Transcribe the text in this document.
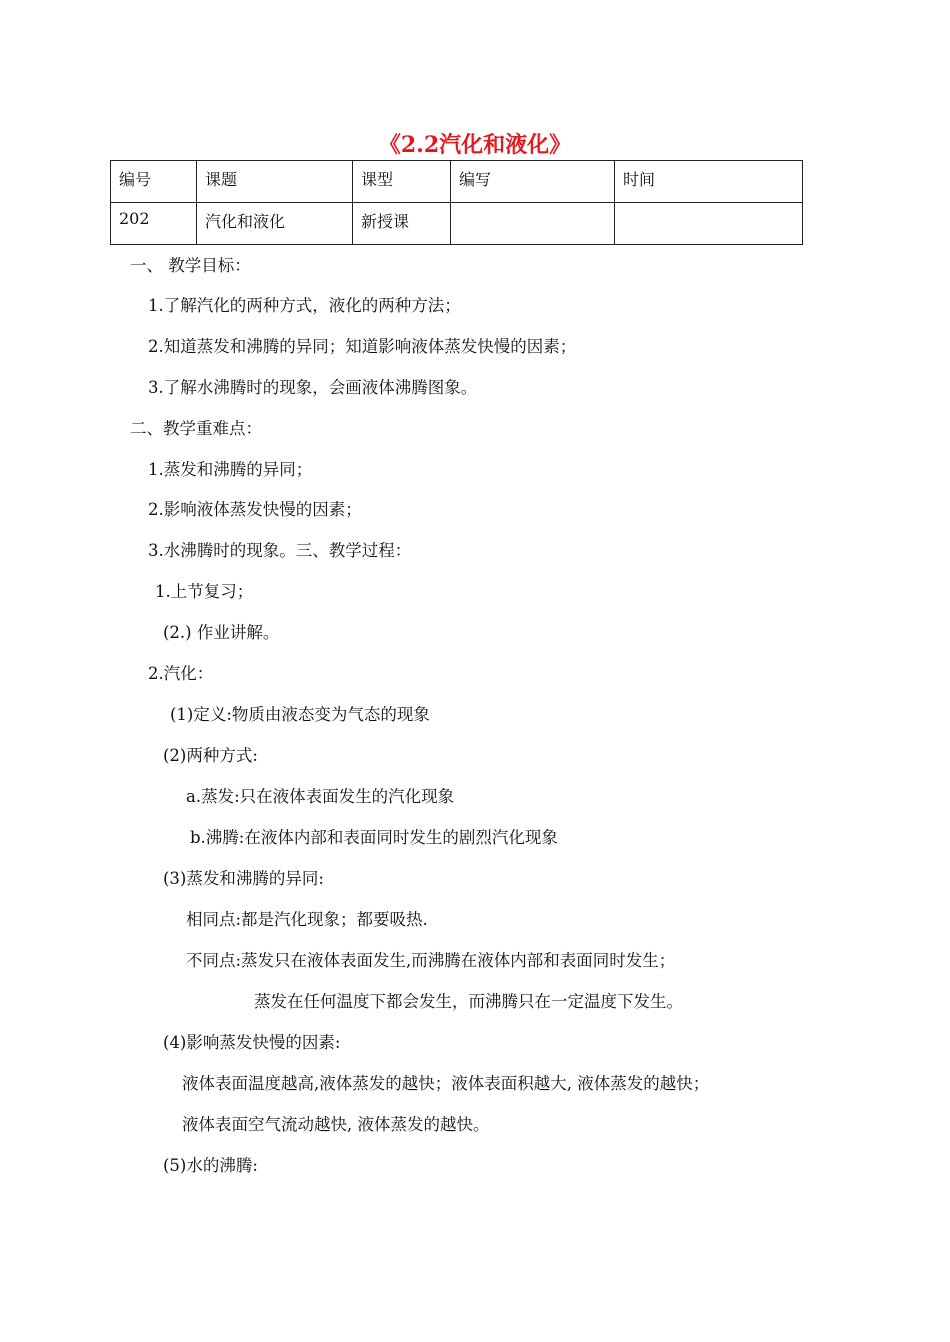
《2.2汽化和液化》
编号	课题	课型	编写	时间
202	汽化和液化	新授课		
一、 教学目标：
1.了解汽化的两种方式，液化的两种方法；
2.知道蒸发和沸腾的异同；知道影响液体蒸发快慢的因素；
3.了解水沸腾时的现象，会画液体沸腾图象。
二、教学重难点：
1.蒸发和沸腾的异同；
2.影响液体蒸发快慢的因素；
3.水沸腾时的现象。三、教学过程：
1.上节复习；
(2.) 作业讲解。
2.汽化：
(1)定义:物质由液态变为气态的现象
(2)两种方式:
a.蒸发:只在液体表面发生的汽化现象
b.沸腾:在液体内部和表面同时发生的剧烈汽化现象
(3)蒸发和沸腾的异同:
相同点:都是汽化现象；都要吸热.
不同点:蒸发只在液体表面发生,而沸腾在液体内部和表面同时发生；
蒸发在任何温度下都会发生，而沸腾只在一定温度下发生。
(4)影响蒸发快慢的因素:
液体表面温度越高,液体蒸发的越快；液体表面积越大, 液体蒸发的越快；
液体表面空气流动越快, 液体蒸发的越快。
(5)水的沸腾:
